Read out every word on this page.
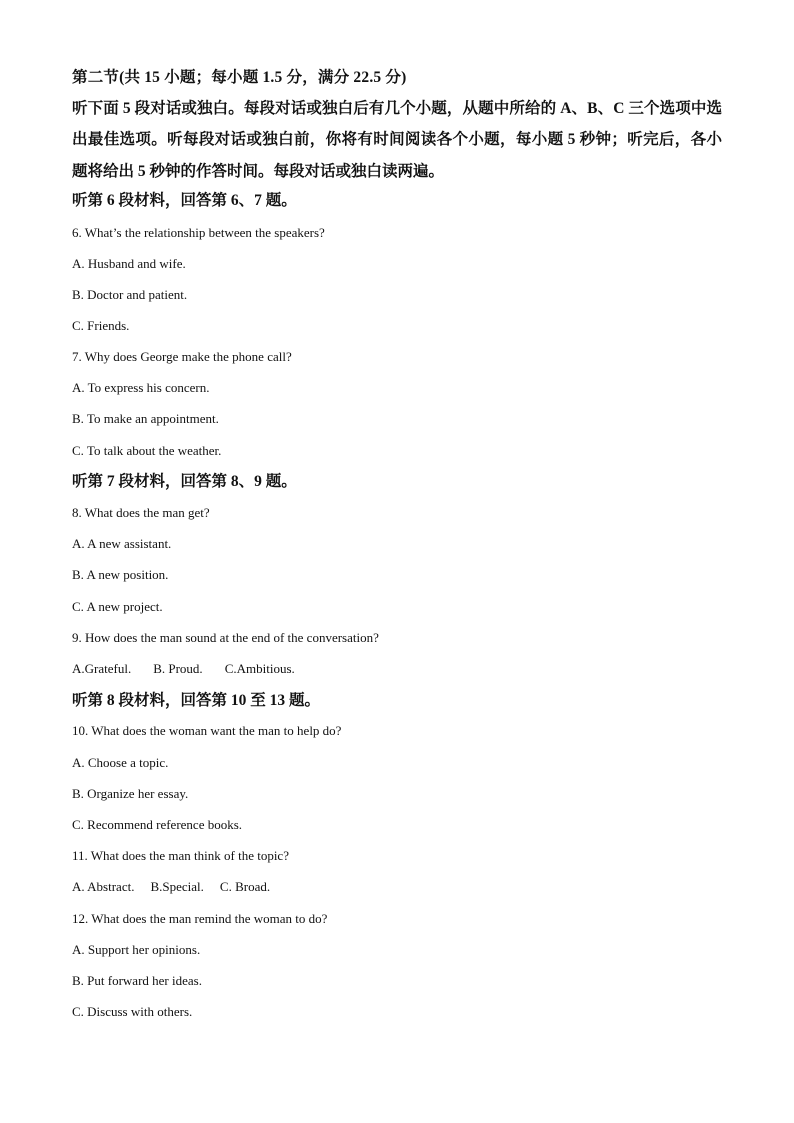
第二节(共 15 小题；每小题 1.5 分，满分 22.5 分)
听下面 5 段对话或独白。每段对话或独白后有几个小题，从题中所给的 A、B、C 三个选项中选出最佳选项。听每段对话或独白前，你将有时间阅读各个小题，每小题 5 秒钟；听完后，各小题将给出 5 秒钟的作答时间。每段对话或独白读两遍。
听第 6 段材料，回答第 6、7 题。
6. What’s the relationship between the speakers?
A. Husband and wife.
B. Doctor and patient.
C. Friends.
7. Why does George make the phone call?
A. To express his concern.
B. To make an appointment.
C. To talk about the weather.
听第 7 段材料，回答第 8、9 题。
8. What does the man get?
A. A new assistant.
B. A new position.
C. A new project.
9. How does the man sound at the end of the conversation?
A.Grateful. B. Proud. C.Ambitious.
听第 8 段材料，回答第 10 至 13 题。
10. What does the woman want the man to help do?
A. Choose a topic.
B. Organize her essay.
C. Recommend reference books.
11. What does the man think of the topic?
A. Abstract. B.Special. C. Broad.
12. What does the man remind the woman to do?
A. Support her opinions.
B. Put forward her ideas.
C. Discuss with others.
